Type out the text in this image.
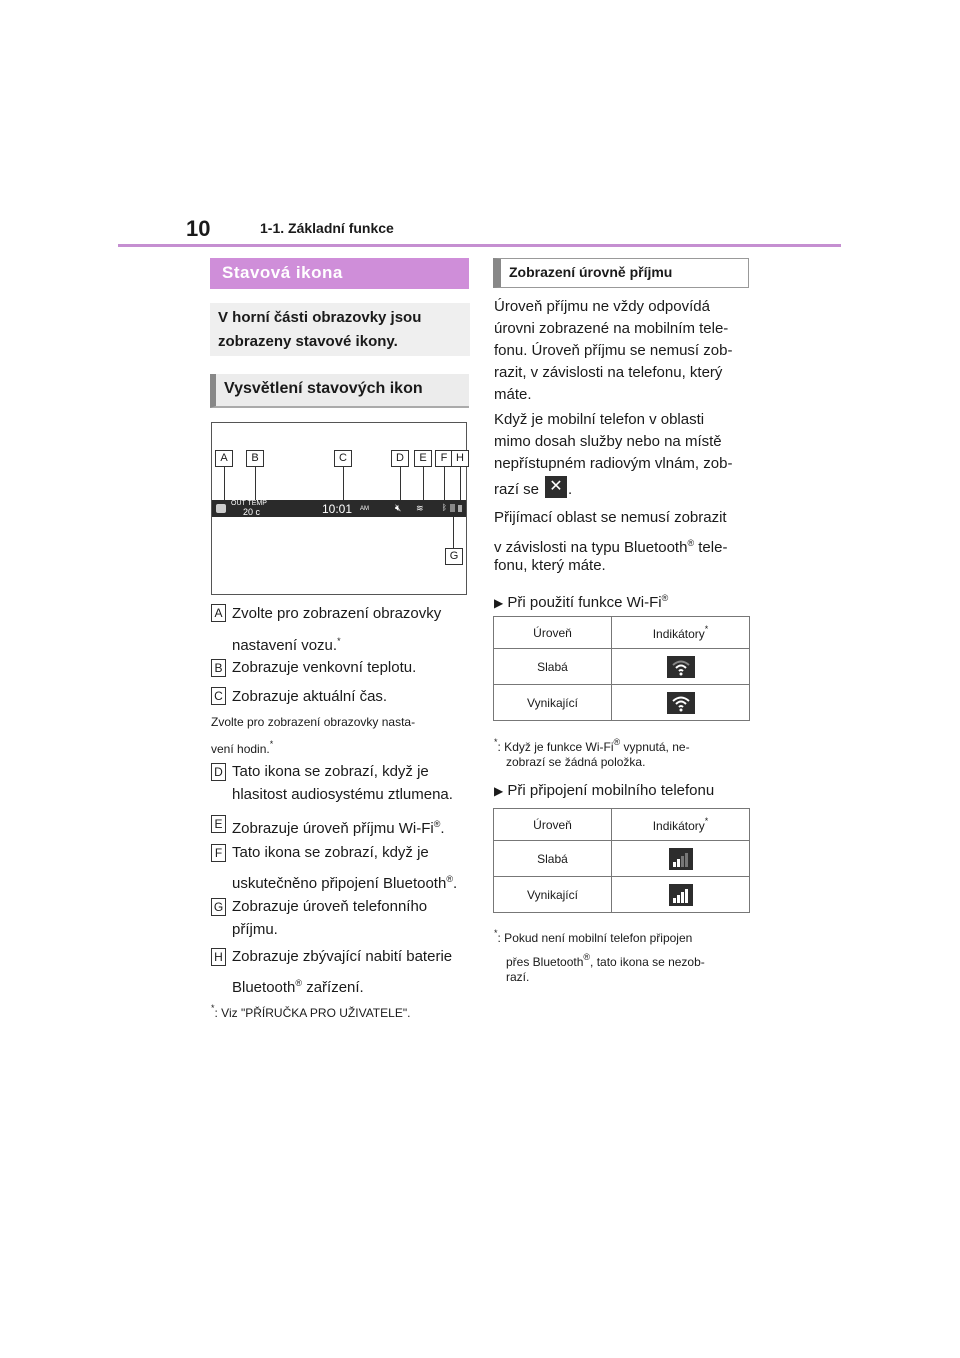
10	1-1. Základní funkce
Stavová ikona
V horní části obrazovky jsou zobrazeny stavové ikony.
Vysvětlení stavových ikon
A	B	C	D	E	F H
G
OUT TEMP
20 c	10:01 AM	🔇︎ ≋ ᛒ
A Zvolte pro zobrazení obrazovky
nastavení vozu.*
B Zobrazuje venkovní teplotu.
C Zobrazuje aktuální čas.
Zvolte pro zobrazení obrazovky nasta-
vení hodin.*
D Tato ikona se zobrazí, když je
hlasitost audiosystému ztlumena.
E Zobrazuje úroveň příjmu Wi-Fi®.
F Tato ikona se zobrazí, když je
uskutečněno připojení Bluetooth®.
G Zobrazuje úroveň telefonního
příjmu.
H Zobrazuje zbývající nabití baterie
Bluetooth® zařízení.
*: Viz "PŘÍRUČKA PRO UŽIVATELE".
Zobrazení úrovně příjmu
Úroveň příjmu ne vždy odpovídá
úrovni zobrazené na mobilním tele-
fonu. Úroveň příjmu se nemusí zob-
razit, v závislosti na telefonu, který
máte.
Když je mobilní telefon v oblasti
mimo dosah služby nebo na místě
nepřístupném radiovým vlnám, zob-
razí se ✕ .
Přijímací oblast se nemusí zobrazit
v závislosti na typu Bluetooth® tele-
fonu, který máte.
▶ Při použití funkce Wi-Fi®
Úroveň	Indikátory*
Slabá	

Vynikající	
*: Když je funkce Wi-Fi® vypnutá, ne-
zobrazí se žádná položka.
▶ Při připojení mobilního telefonu
Úroveň	Indikátory*
Slabá	

Vynikající	
*: Pokud není mobilní telefon připojen
přes Bluetooth®, tato ikona se nezob-
razí.
